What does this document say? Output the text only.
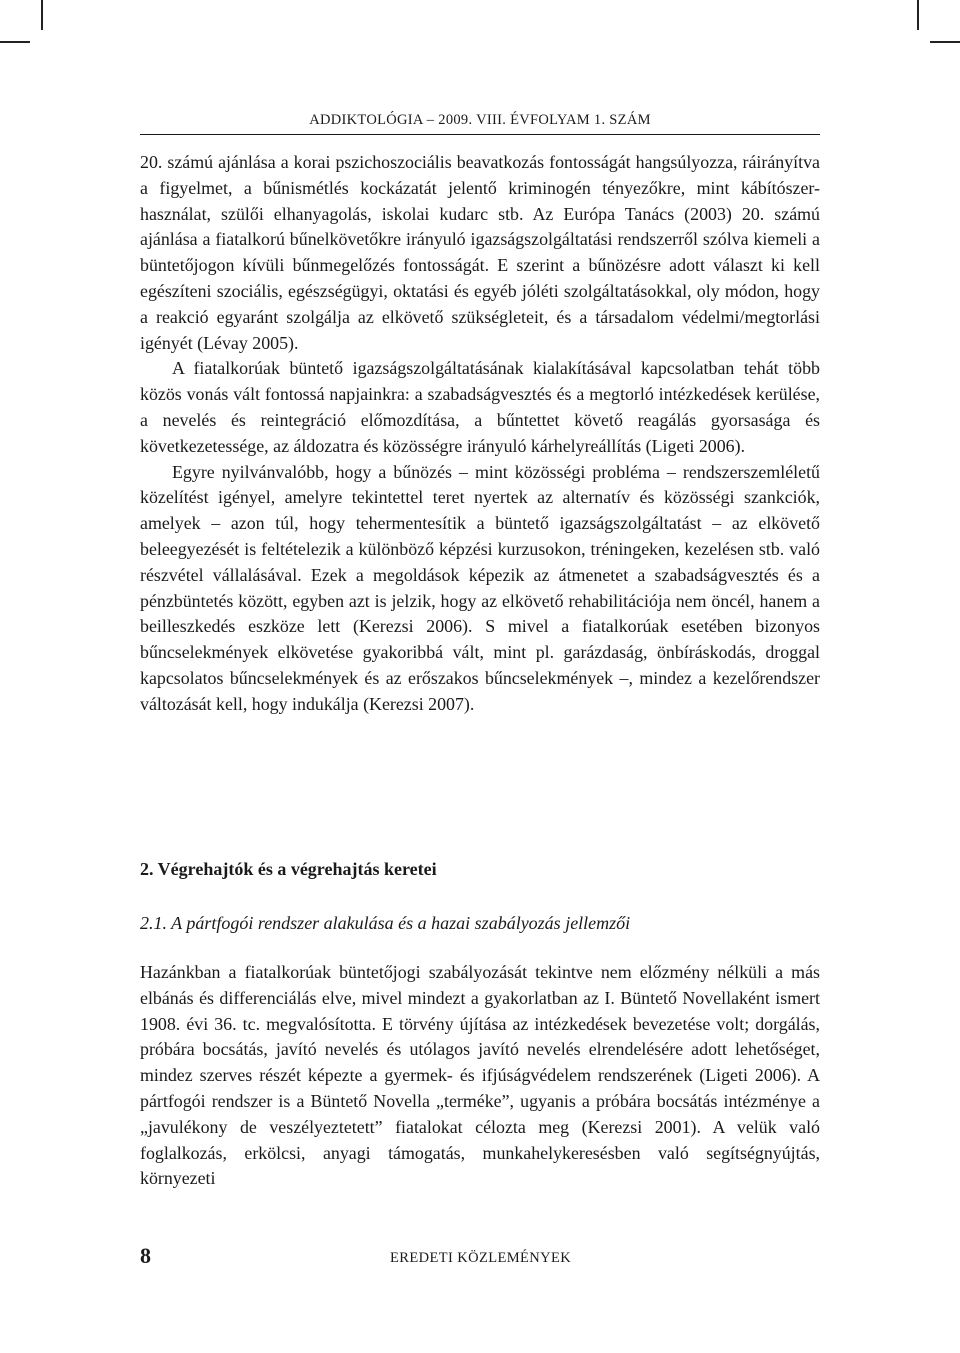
ADDIKTOLÓGIA – 2009. VIII. ÉVFOLYAM 1. SZÁM

20. számú ajánlása a korai pszichoszociális beavatkozás fontosságát hangsúlyozza, ráirányítva a figyelmet, a bűnismétlés kockázatát jelentő kriminogén tényezőkre, mint kábítószer-használat, szülői elhanyagolás, iskolai kudarc stb. Az Európa Tanács (2003) 20. számú ajánlása a fiatalkorú bűnelkövetőkre irányuló igazságszolgáltatási rendszerről szólva kiemeli a büntetőjogon kívüli bűnmegelőzés fontosságát. E szerint a bűnözésre adott választ ki kell egészíteni szociális, egészségügyi, oktatási és egyéb jóléti szolgáltatásokkal, oly módon, hogy a reakció egyaránt szolgálja az elkövető szükségleteit, és a társadalom védelmi/megtorlási igényét (Lévay 2005).

A fiatalkorúak büntető igazságszolgáltatásának kialakításával kapcsolatban tehát több közös vonás vált fontossá napjainkra: a szabadságvesztés és a megtorló intézkedések kerülése, a nevelés és reintegráció előmozdítása, a bűntettet követő reagálás gyorsasága és következetessége, az áldozatra és közösségre irányuló kárhelyreállítás (Ligeti 2006).

Egyre nyilvánvalóbb, hogy a bűnözés – mint közösségi probléma – rendszerszemléletű közelítést igényel, amelyre tekintettel teret nyertek az alternatív és közösségi szankciók, amelyek – azon túl, hogy tehermentesítik a büntető igazságszolgáltatást – az elkövető beleegyezését is feltételezik a különböző képzési kurzusokon, tréningeken, kezelésen stb. való részvétel vállalásával. Ezek a megoldások képezik az átmenetet a szabadságvesztés és a pénzbüntetés között, egyben azt is jelzik, hogy az elkövető rehabilitációja nem öncél, hanem a beilleszkedés eszköze lett (Kerezsi 2006). S mivel a fiatalkorúak esetében bizonyos bűncselekmények elkövetése gyakoribbá vált, mint pl. garázdaság, önbíráskodás, droggal kapcsolatos bűncselekmények és az erőszakos bűncselekmények –, mindez a kezelőrendszer változását kell, hogy indukálja (Kerezsi 2007).

2. Végrehajtók és a végrehajtás keretei
2.1. A pártfogói rendszer alakulása és a hazai szabályozás jellemzői

Hazánkban a fiatalkorúak büntetőjogi szabályozását tekintve nem előzmény nélküli a más elbánás és differenciálás elve, mivel mindezt a gyakorlatban az I. Büntető Novellaként ismert 1908. évi 36. tc. megvalósította. E törvény újítása az intézkedések bevezetése volt; dorgálás, próbára bocsátás, javító nevelés és utólagos javító nevelés elrendelésére adott lehetőséget, mindez szerves részét képezte a gyermek- és ifjúságvédelem rendszerének (Ligeti 2006). A pártfogói rendszer is a Büntető Novella „terméke”, ugyanis a próbára bocsátás intézménye a „javulékony de veszélyeztetett” fiatalokat célozta meg (Kerezsi 2001). A velük való foglalkozás, erkölcsi, anyagi támogatás, munkahelykeresésben való segítségnyújtás, környezeti

8	EREDETI KÖZLEMÉNYEK
